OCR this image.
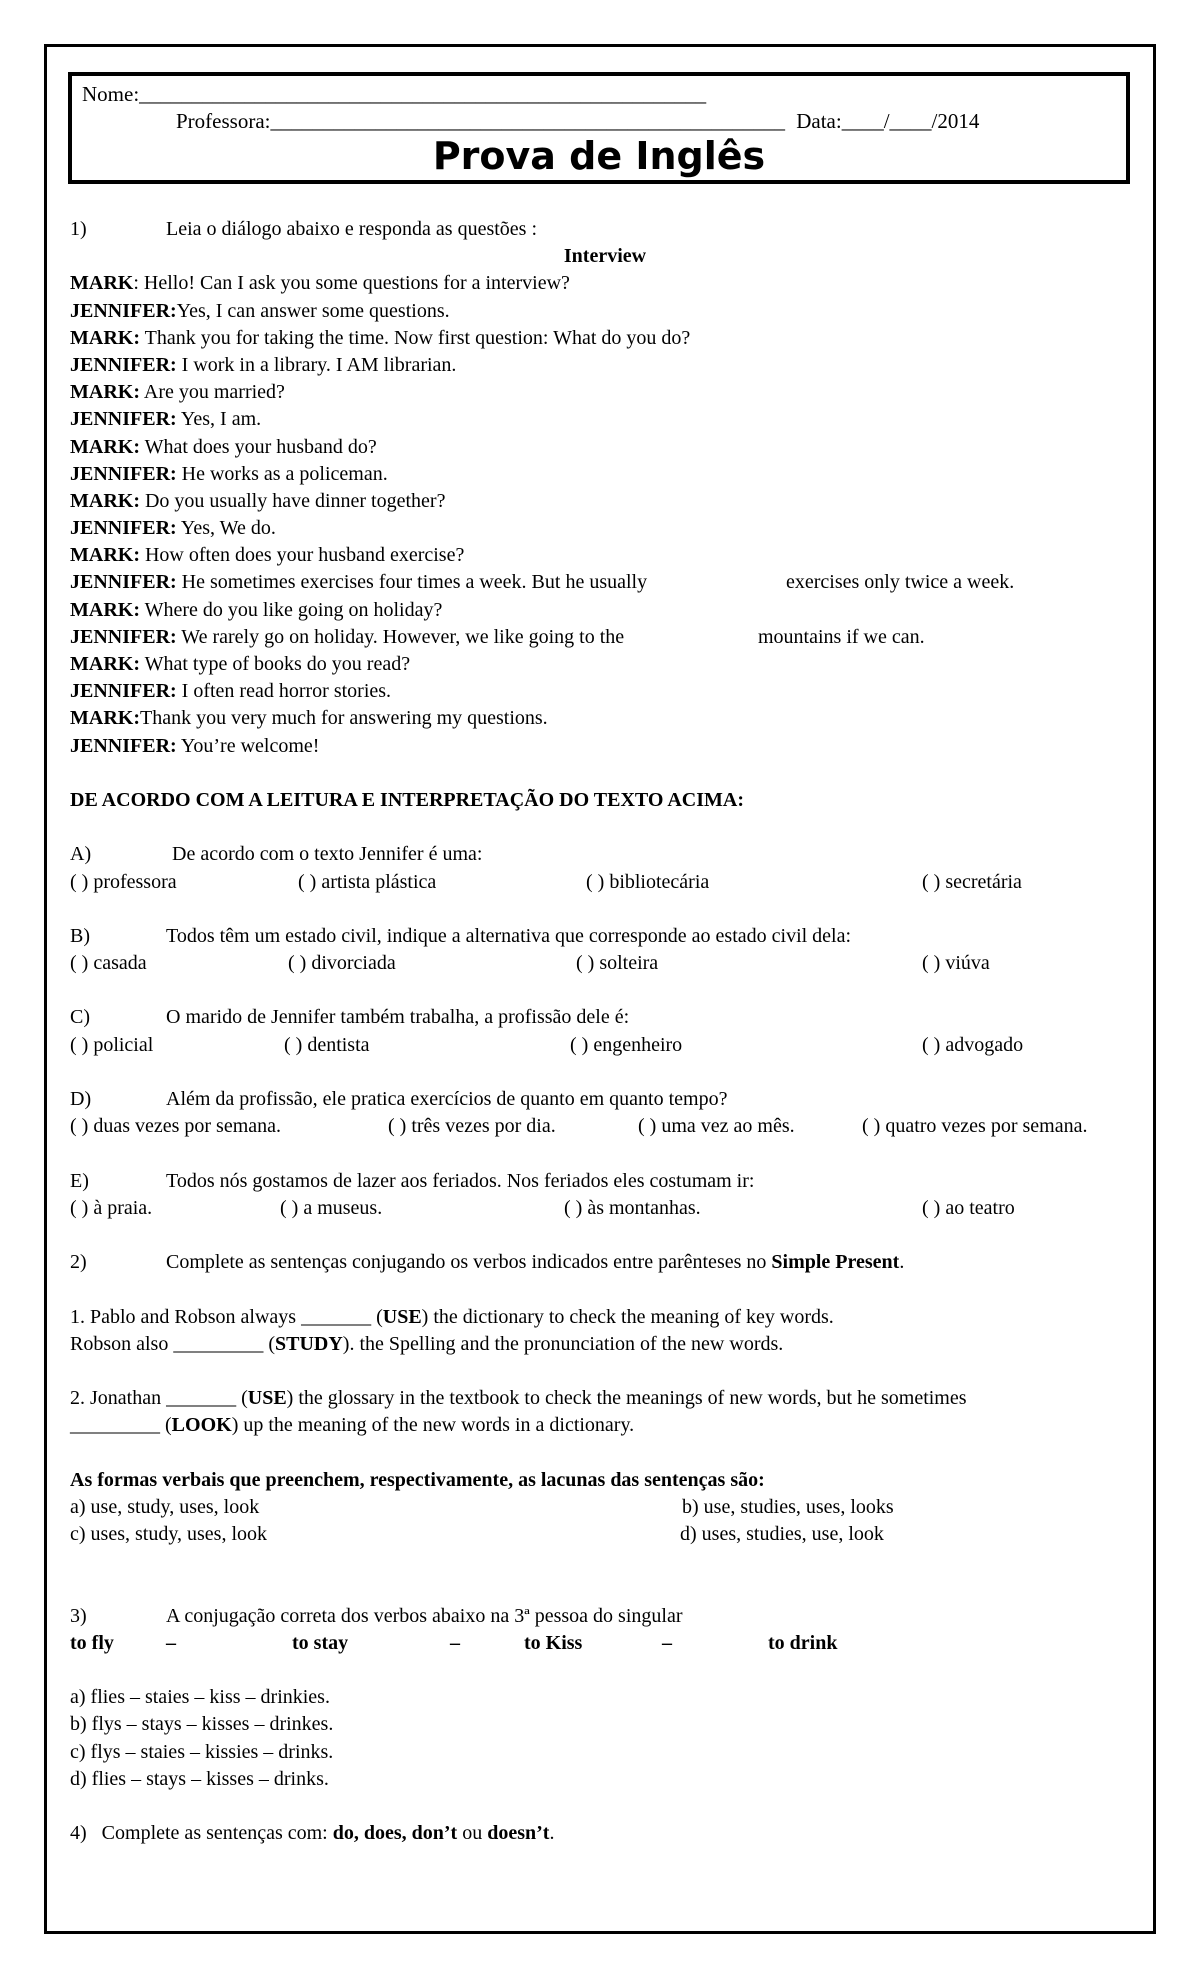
Nome:______________________________________________________
Professora:_________________________________________________ Data:____/____/2014
Prova de Inglês
1)	Leia o diálogo abaixo e responda as questões :
Interview
MARK: Hello! Can I ask you some questions for a interview?
JENNIFER:Yes, I can answer some questions.
MARK: Thank you for taking the time. Now first question: What do you do?
JENNIFER: I work in a library. I AM librarian.
MARK: Are you married?
JENNIFER: Yes, I am.
MARK: What does your husband do?
JENNIFER: He works as a policeman.
MARK: Do you usually have dinner together?
JENNIFER: Yes, We do.
MARK: How often does your husband exercise?
JENNIFER: He sometimes exercises four times a week. But he usually	exercises only twice a week.
MARK: Where do you like going on holiday?
JENNIFER: We rarely go on holiday. However, we like going to the	mountains if we can.
MARK: What type of books do you read?
JENNIFER: I often read horror stories.
MARK:Thank you very much for answering my questions.
JENNIFER: You’re welcome!
DE ACORDO COM A LEITURA E INTERPRETAÇÃO DO TEXTO ACIMA:
A)	De acordo com o texto Jennifer é uma:
( ) professora	( ) artista plástica	( ) bibliotecária	( ) secretária
B)	Todos têm um estado civil, indique a alternativa que corresponde ao estado civil dela:
( ) casada	( ) divorciada	( ) solteira	( ) viúva
C)	O marido de Jennifer também trabalha, a profissão dele é:
( ) policial	( ) dentista	( ) engenheiro	( ) advogado
D)	Além da profissão, ele pratica exercícios de quanto em quanto tempo?
( ) duas vezes por semana.	( ) três vezes por dia.	( ) uma vez ao mês.	( ) quatro vezes por semana.
E)	Todos nós gostamos de lazer aos feriados. Nos feriados eles costumam ir:
( ) à praia.	( ) a museus.	( ) às montanhas.	( ) ao teatro
2)	Complete as sentenças conjugando os verbos indicados entre parênteses no Simple Present.
1. Pablo and Robson always _______ (USE) the dictionary to check the meaning of key words.
Robson also _________ (STUDY). the Spelling and the pronunciation of the new words.
2. Jonathan _______ (USE) the glossary in the textbook to check the meanings of new words, but he sometimes
_________ (LOOK) up the meaning of the new words in a dictionary.
As formas verbais que preenchem, respectivamente, as lacunas das sentenças são:
a) use, study, uses, look	b) use, studies, uses, looks
c) uses, study, uses, look	d) uses, studies, use, look
3)	A conjugação correta dos verbos abaixo na 3ª pessoa do singular
to fly	–	to stay	–	to Kiss	–	to drink
a) flies – staies – kiss – drinkies.
b) flys – stays – kisses – drinkes.
c) flys – staies – kissies – drinks.
d) flies – stays – kisses – drinks.
4) Complete as sentenças com: do, does, don’t ou doesn’t.
